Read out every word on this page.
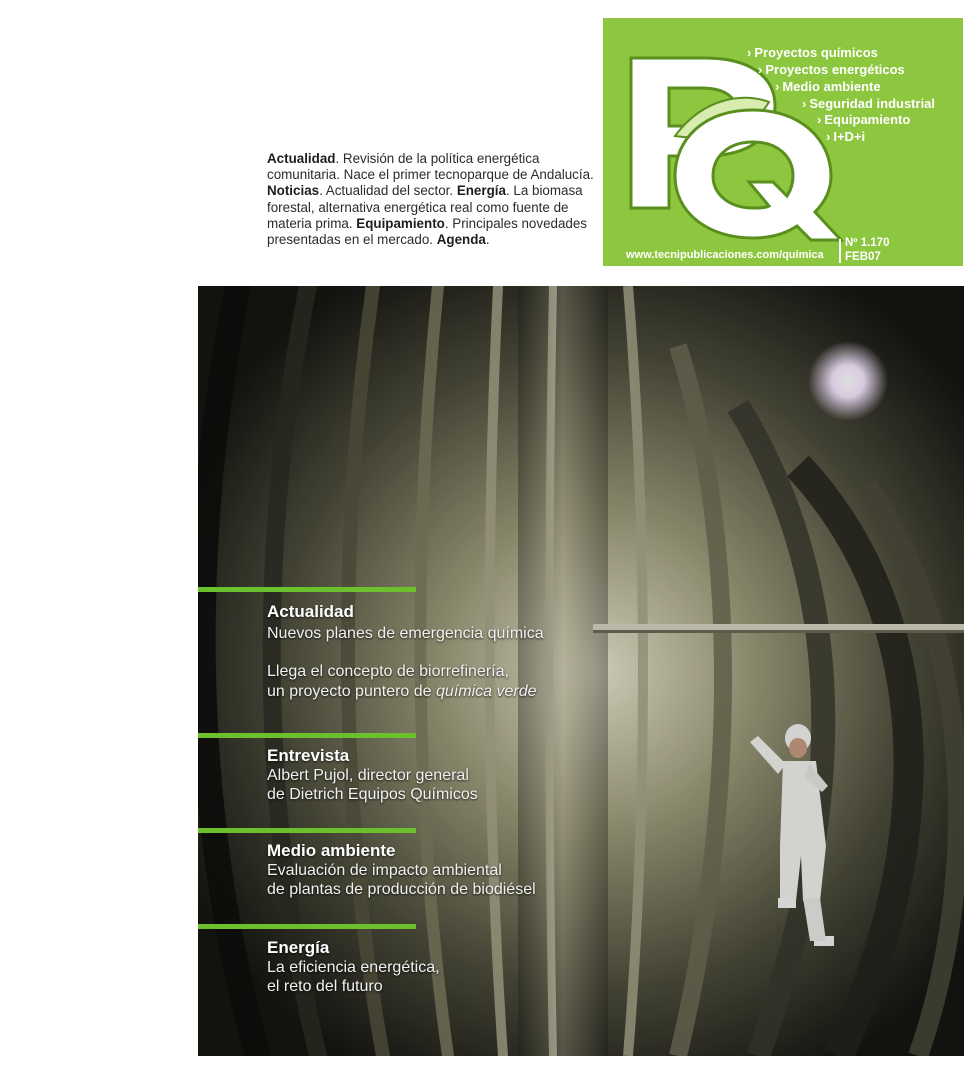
Actualidad. Revisión de la política energética comunitaria. Nace el primer tecnoparque de Andalucía. Noticias. Actualidad del sector. Energía. La biomasa forestal, alternativa energética real como fuente de materia prima. Equipamiento. Principales novedades presentadas en el mercado. Agenda.
› Proyectos químicos
› Proyectos energéticos
› Medio ambiente
› Seguridad industrial
› Equipamiento
› I+D+i
www.tecnipublicaciones.com/quimica
Nº 1.170
FEB07
Actualidad
Nuevos planes de emergencia química
Llega el concepto de biorrefinería,
un proyecto puntero de química verde
Entrevista
Albert Pujol, director general
de Dietrich Equipos Químicos
Medio ambiente
Evaluación de impacto ambiental
de plantas de producción de biodiésel
Energía
La eficiencia energética,
el reto del futuro
